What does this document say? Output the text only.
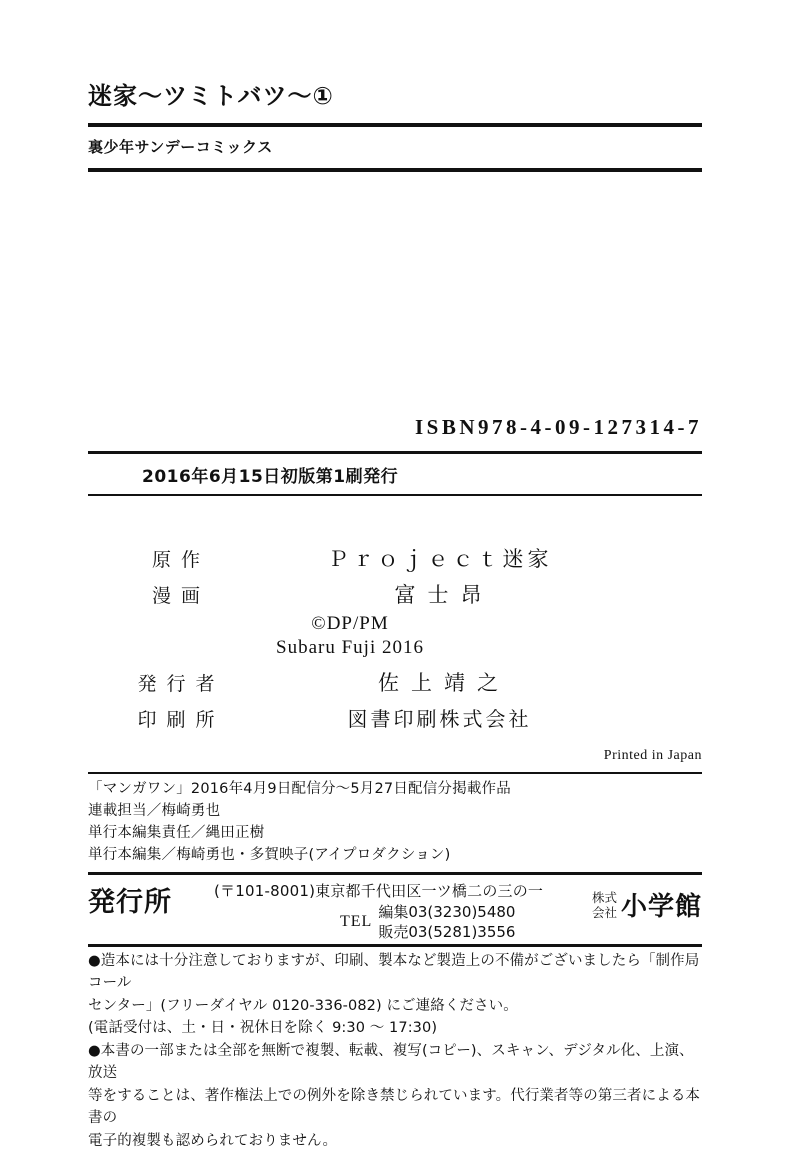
迷家～ツミトバツ～①
裏少年サンデーコミックス
ISBN978-4-09-127314-7
2016年6月15日初版第1刷発行
原作	Ｐｒｏｊｅｃｔ迷家
漫画	富士昂
©DP/PM
Subaru Fuji 2016
発行者	佐上靖之
印刷所	図書印刷株式会社
Printed in Japan
「マンガワン」2016年4月9日配信分～5月27日配信分掲載作品
連載担当／梅崎勇也
単行本編集責任／縄田正樹
単行本編集／梅崎勇也・多賀映子(アイプロダクション)
発行所	(〒101-8001)東京都千代田区一ツ橋二の三の一
TEL
編集03(3230)5480
販売03(5281)3556
株式
会社 小学館

●造本には十分注意しておりますが、印刷、製本など製造上の不備がございましたら「制作局コール

センター」(フリーダイヤル 0120-336-082) にご連絡ください。

(電話受付は、土・日・祝休日を除く 9:30 ～ 17:30)

●本書の一部または全部を無断で複製、転載、複写(コピー)、スキャン、デジタル化、上演、放送

等をすることは、著作権法上での例外を除き禁じられています。代行業者等の第三者による本書の

電子的複製も認められておりません。
